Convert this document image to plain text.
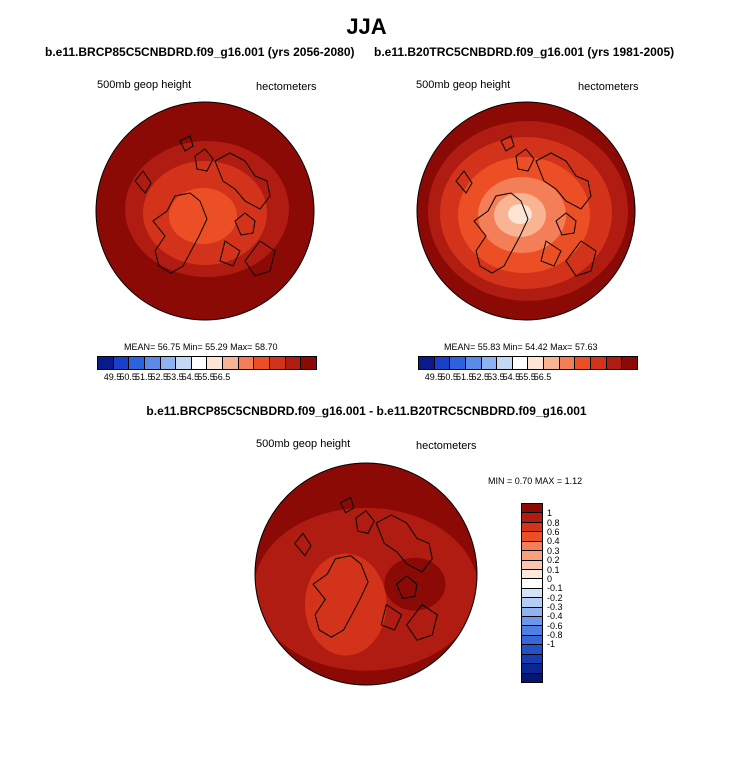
JJA
b.e11.BRCP85C5CNBDRD.f09_g16.001 (yrs 2056-2080)
500mb geop height	hectometers
MEAN= 56.75 Min= 55.29 Max= 58.70
49.5
50.5
51.5
52.5
53.5
54.5
55.5
56.5
b.e11.B20TRC5CNBDRD.f09_g16.001 (yrs 1981-2005)
500mb geop height	hectometers
MEAN= 55.83 Min= 54.42 Max= 57.63
49.5
50.5
51.5
52.5
53.5
54.5
55.5
56.5
b.e11.BRCP85C5CNBDRD.f09_g16.001 - b.e11.B20TRC5CNBDRD.f09_g16.001
500mb geop height	hectometers
MIN = 0.70 MAX = 1.12
1
0.8
0.6
0.4
0.3
0.2
0.1
0
-0.1
-0.2
-0.3
-0.4
-0.6
-0.8
-1
